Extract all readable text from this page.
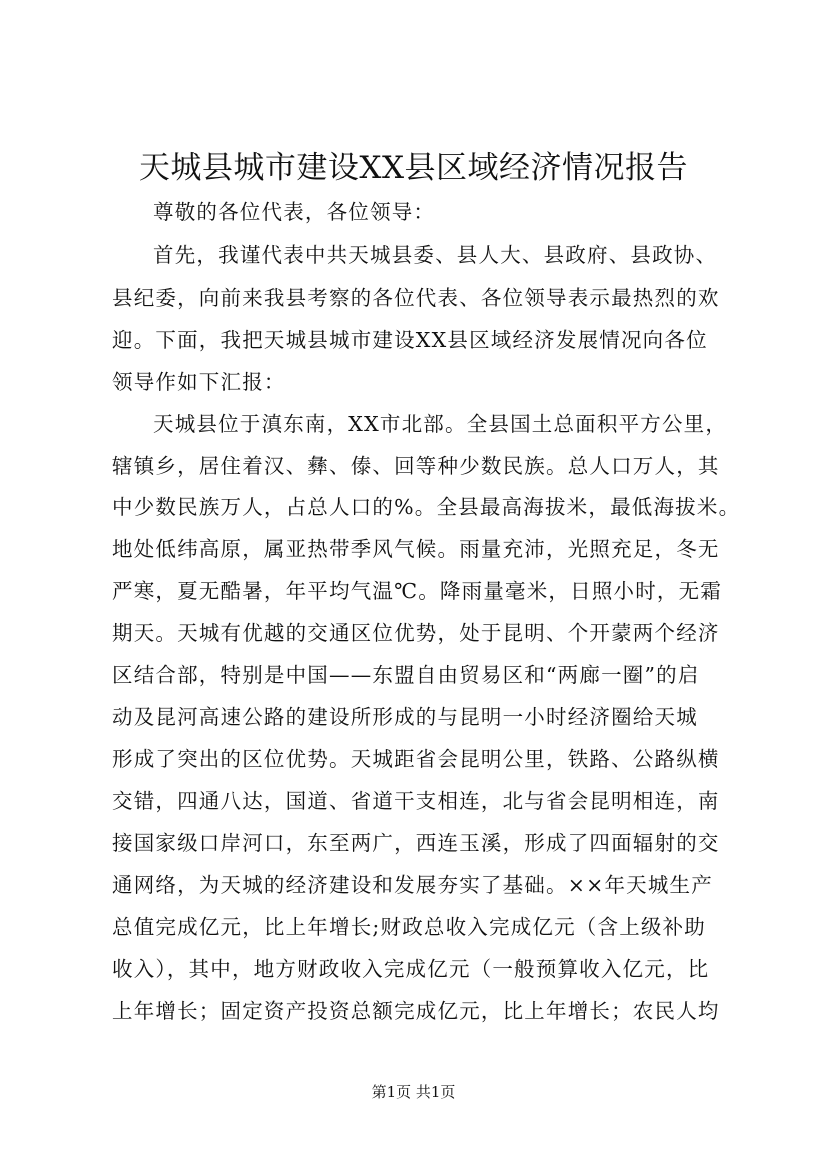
天城县城市建设XX县区域经济情况报告
尊敬的各位代表，各位领导：
首先，我谨代表中共天城县委、县人大、县政府、县政协、
县纪委，向前来我县考察的各位代表、各位领导表示最热烈的欢
迎。下面，我把天城县城市建设XX县区域经济发展情况向各位
领导作如下汇报：
天城县位于滇东南，XX市北部。全县国土总面积平方公里，
辖镇乡，居住着汉、彝、傣、回等种少数民族。总人口万人，其
中少数民族万人，占总人口的%。全县最高海拔米，最低海拔米。
地处低纬高原，属亚热带季风气候。雨量充沛，光照充足，冬无
严寒，夏无酷暑，年平均气温℃。降雨量毫米，日照小时，无霜
期天。天城有优越的交通区位优势，处于昆明、个开蒙两个经济
区结合部，特别是中国——东盟自由贸易区和“两廊一圈”的启
动及昆河高速公路的建设所形成的与昆明一小时经济圈给天城
形成了突出的区位优势。天城距省会昆明公里，铁路、公路纵横
交错，四通八达，国道、省道干支相连，北与省会昆明相连，南
接国家级口岸河口，东至两广，西连玉溪，形成了四面辐射的交
通网络，为天城的经济建设和发展夯实了基础。××年天城生产
总值完成亿元，比上年增长;财政总收入完成亿元（含上级补助
收入），其中，地方财政收入完成亿元（一般预算收入亿元，比
上年增长；固定资产投资总额完成亿元，比上年增长；农民人均
第1页 共1页
